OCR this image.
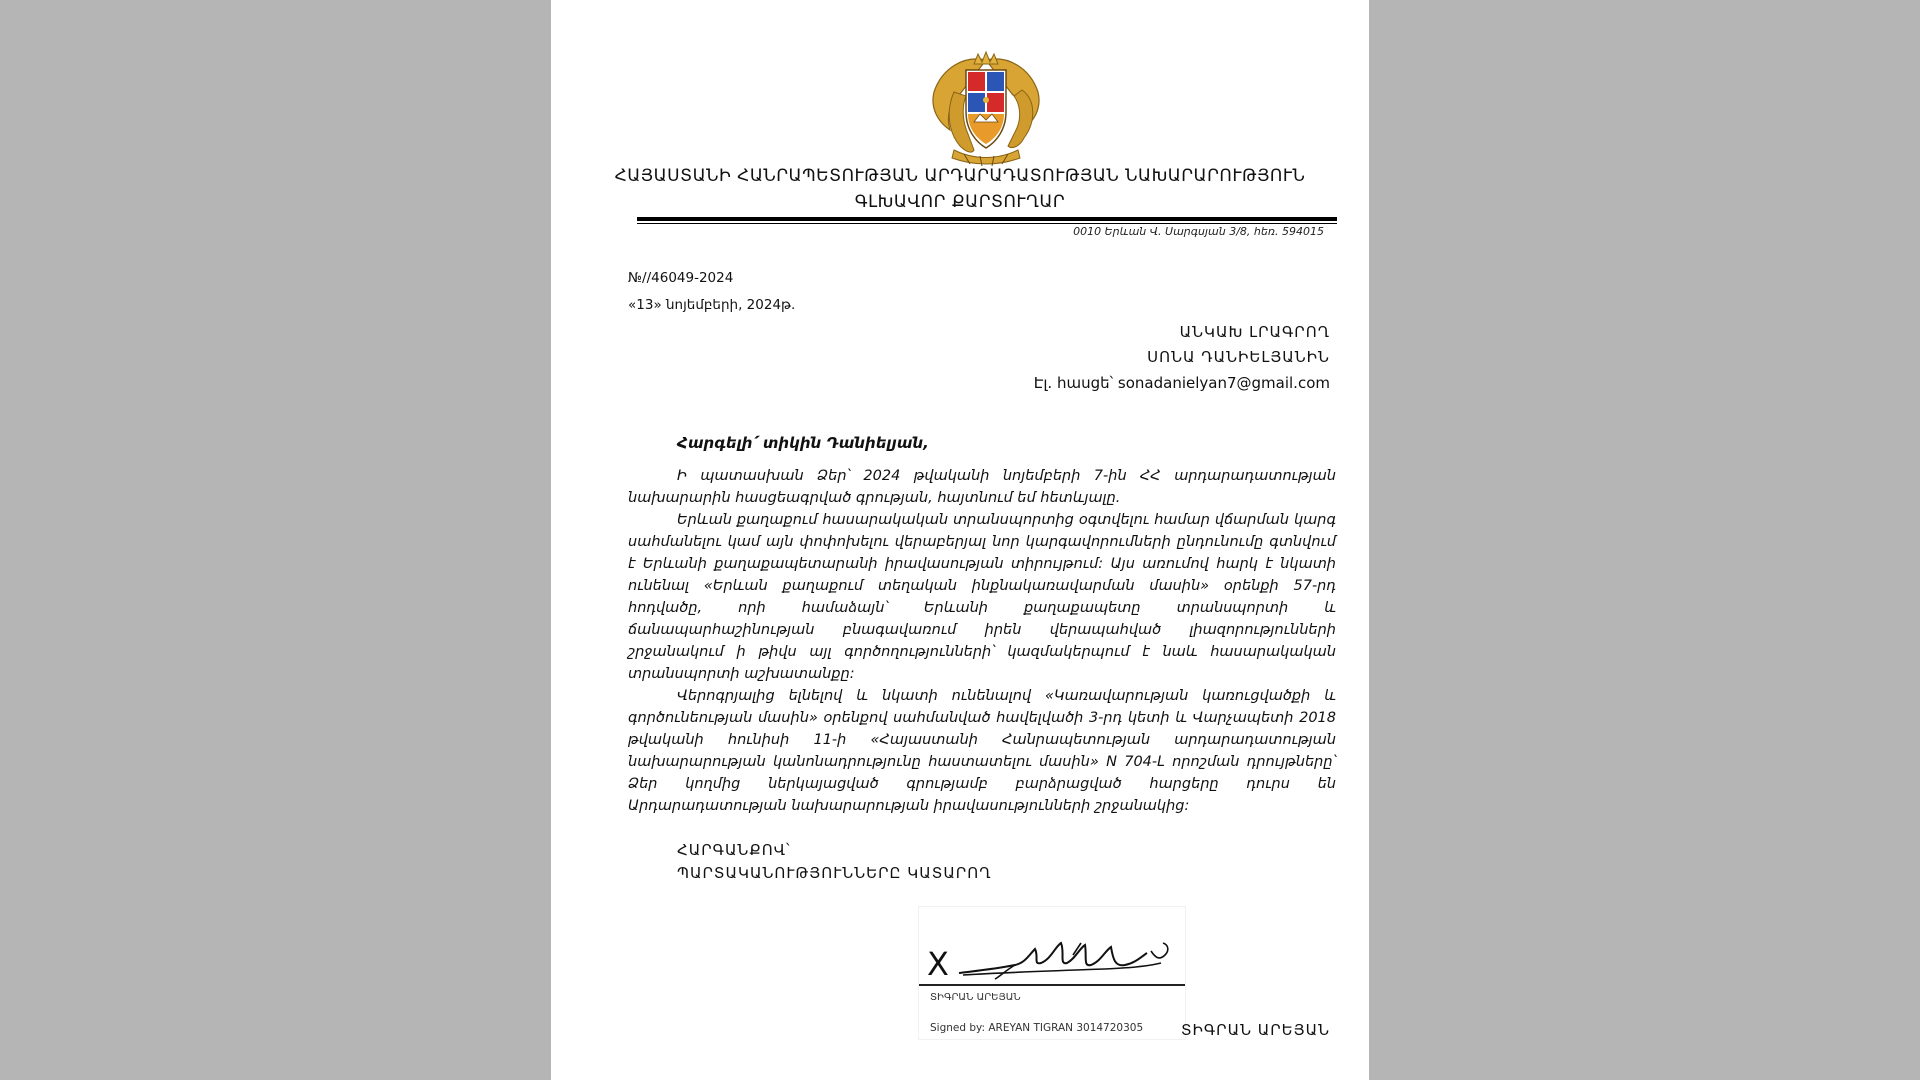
ՀԱՅԱՍՏԱՆԻ ՀԱՆՐԱՊԵՏՈՒԹՅԱՆ ԱՐԴԱՐԱԴԱՏՈՒԹՅԱՆ ՆԱԽԱՐԱՐՈՒԹՅՈՒՆ
ԳԼԽԱՎՈՐ ՔԱՐՏՈՒՂԱՐ
0010 Երևան Վ. Սարգսյան 3/8, հեռ. 594015
№//46049-2024
«13» նոյեմբերի, 2024թ.
ԱՆԿԱԽ ԼՐԱԳՐՈՂ
ՍՈՆԱ ԴԱՆԻԵԼՅԱՆԻՆ
Էլ. հասցե՝ sonadanielyan7@gmail.com
Հարգելի՛ տիկին Դանիելյան,

Ի պատասխան Ձեր՝ 2024 թվականի նոյեմբերի 7-ին ՀՀ արդարադատության նախարարին հասցեագրված գրության, հայտնում եմ հետևյալը.

Երևան քաղաքում հասարակական տրանսպորտից օգտվելու համար վճարման կարգ սահմանելու կամ այն փոփոխելու վերաբերյալ նոր կարգավորումների ընդունումը գտնվում է Երևանի քաղաքապետարանի իրավասության տիրույթում: Այս առումով հարկ է նկատի ունենալ «Երևան քաղաքում տեղական ինքնակառավարման մասին» օրենքի 57-րդ հոդվածը, որի համաձայն՝ Երևանի քաղաքապետը տրանսպորտի և ճանապարհաշինության բնագավառում իրեն վերապահված լիազորությունների շրջանակում ի թիվս այլ գործողությունների՝ կազմակերպում է նաև հասարակական տրանսպորտի աշխատանքը:

Վերոգրյալից ելնելով և նկատի ունենալով «Կառավարության կառուցվածքի և գործունեության մասին» օրենքով սահմանված հավելվածի 3-րդ կետի և Վարչապետի 2018 թվականի հունիսի 11-ի «Հայաստանի Հանրապետության արդարադատության նախարարության կանոնադրությունը հաստատելու մասին» N 704-Լ որոշման դրույթները՝ Ձեր կողմից ներկայացված գրությամբ բարձրացված հարցերը դուրս են Արդարադատության նախարարության իրավասությունների շրջանակից:

ՀԱՐԳԱՆՔՈՎ՝
ՊԱՐՏԱԿԱՆՈՒԹՅՈՒՆՆԵՐԸ ԿԱՏԱՐՈՂ
X
ՏԻԳՐԱՆ ԱՐԵՅԱՆ
Signed by: AREYAN TIGRAN 3014720305	ՏԻԳՐԱՆ ԱՐԵՅԱՆ
